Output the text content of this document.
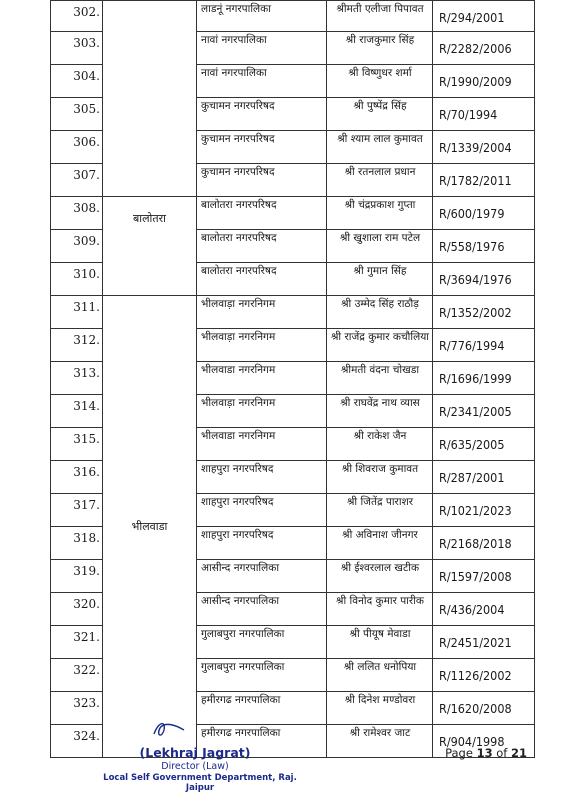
302.		लाडनूं नगरपालिका	श्रीमती एलीजा पिपावत	R/294/2001
303.		नावां नगरपालिका	श्री राजकुमार सिंह	R/2282/2006
304.		नावां नगरपालिका	श्री विष्णुधर शर्मा	R/1990/2009
305.		कुचामन नगरपरिषद	श्री पुष्पेंद्र सिंह	R/70/1994
306.		कुचामन नगरपरिषद	श्री श्याम लाल कुमावत	R/1339/2004
307.		कुचामन नगरपरिषद	श्री रतनलाल प्रधान	R/1782/2011
308.	बालोतरा	बालोतरा नगरपरिषद	श्री चंद्रप्रकाश गुप्ता	R/600/1979
309.		बालोतरा नगरपरिषद	श्री खुशाला राम पटेल	R/558/1976
310.		बालोतरा नगरपरिषद	श्री गुमान सिंह	R/3694/1976
311.	भीलवाडा	भीलवाड़ा नगरनिगम	श्री उम्मेद सिंह राठौड़	R/1352/2002
312.		भीलवाड़ा नगरनिगम	श्री राजेंद्र कुमार कचौलिया	R/776/1994
313.		भीलवाडा नगरनिगम	श्रीमती वंदना चोखडा	R/1696/1999
314.		भीलवाड़ा नगरनिगम	श्री राघवेंद्र नाथ व्यास	R/2341/2005
315.		भीलवाडा नगरनिगम	श्री राकेश जैन	R/635/2005
316.		शाहपुरा नगरपरिषद	श्री शिवराज कुमावत	R/287/2001
317.		शाहपुरा नगरपरिषद	श्री जितेंद्र पाराशर	R/1021/2023
318.		शाहपुरा नगरपरिषद	श्री अविनाश जीनगर	R/2168/2018
319.		आसीन्द नगरपालिका	श्री ईश्वरलाल खटीक	R/1597/2008
320.		आसीन्द नगरपालिका	श्री विनोद कुमार पारीक	R/436/2004
321.		गुलाबपुरा नगरपालिका	श्री पीयूष मेवाडा	R/2451/2021
322.		गुलाबपुरा नगरपालिका	श्री ललित धनोपिया	R/1126/2002
323.		हमीरगढ नगरपालिका	श्री दिनेश मण्डोवरा	R/1620/2008
324.		हमीरगढ नगरपालिका	श्री रामेश्वर जाट	R/904/1998
(Lekhraj Jagrat)
Director (Law)
Local Self Government Department, Raj. Jaipur
Page 13 of 21
